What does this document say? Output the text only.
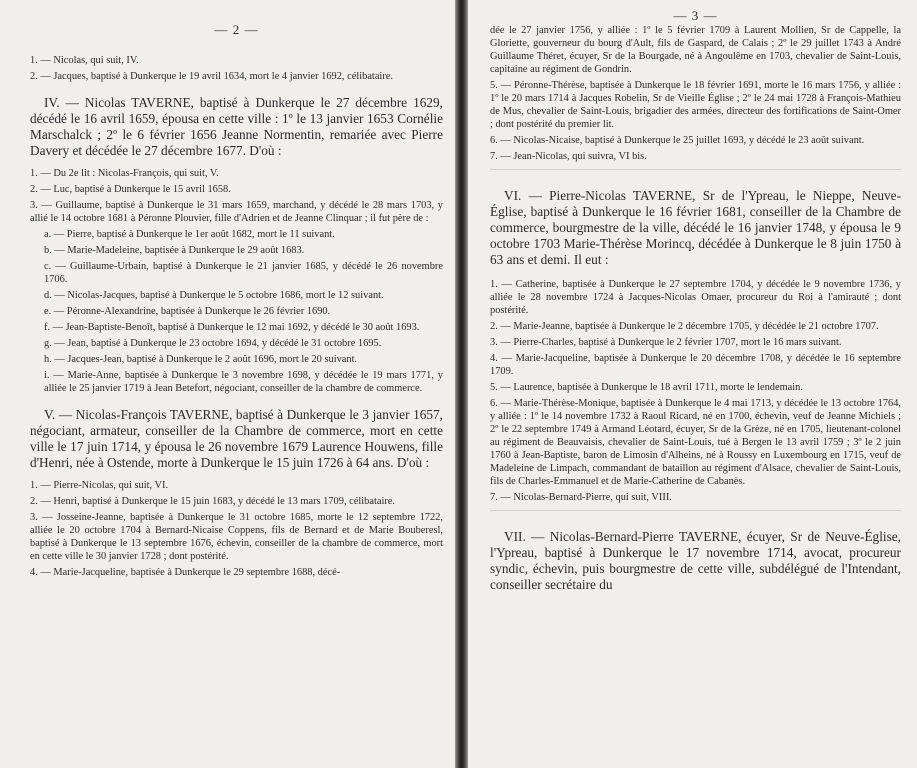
— 2 —

1. — Nicolas, qui suit, IV.

2. — Jacques, baptisé à Dunkerque le 19 avril 1634, mort le 4 janvier 1692, célibataire.

IV. — Nicolas TAVERNE, baptisé à Dunkerque le 27 décembre 1629, décédé le 16 avril 1659, épousa en cette ville : 1º le 13 janvier 1653 Cornélie Marschalck ; 2º le 6 février 1656 Jeanne Normentin, remariée avec Pierre Davery et décédée le 27 décembre 1677. D'où :

1. — Du 2e lit : Nicolas-François, qui suit, V.

2. — Luc, baptisé à Dunkerque le 15 avril 1658.

3. — Guillaume, baptisé à Dunkerque le 31 mars 1659, marchand, y décédé le 28 mars 1703, y allié le 14 octobre 1681 à Péronne Plouvier, fille d'Adrien et de Jeanne Clinquar ; il fut père de :

a. — Pierre, baptisé à Dunkerque le 1er août 1682, mort le 11 suivant.

b. — Marie-Madeleine, baptisée à Dunkerque le 29 août 1683.

c. — Guillaume-Urbain, baptisé à Dunkerque le 21 janvier 1685, y décédé le 26 novembre 1706.

d. — Nicolas-Jacques, baptisé à Dunkerque le 5 octobre 1686, mort le 12 suivant.

e. — Péronne-Alexandrine, baptisée à Dunkerque le 26 février 1690.

f. — Jean-Baptiste-Benoît, baptisé à Dunkerque le 12 mai 1692, y décédé le 30 août 1693.

g. — Jean, baptisé à Dunkerque le 23 octobre 1694, y décédé le 31 octobre 1695.

h. — Jacques-Jean, baptisé à Dunkerque le 2 août 1696, mort le 20 suivant.

i. — Marie-Anne, baptisée à Dunkerque le 3 novembre 1698, y décédée le 19 mars 1771, y alliée le 25 janvier 1719 à Jean Betefort, négociant, conseiller de la chambre de commerce.

V. — Nicolas-François TAVERNE, baptisé à Dunkerque le 3 janvier 1657, négociant, armateur, conseiller de la Chambre de commerce, mort en cette ville le 17 juin 1714, y épousa le 26 novembre 1679 Laurence Houwens, fille d'Henri, née à Ostende, morte à Dunkerque le 15 juin 1726 à 64 ans. D'où :

1. — Pierre-Nicolas, qui suit, VI.

2. — Henri, baptisé à Dunkerque le 15 juin 1683, y décédé le 13 mars 1709, célibataire.

3. — Josseine-Jeanne, baptisée à Dunkerque le 31 octobre 1685, morte le 12 septembre 1722, alliée le 20 octobre 1704 à Bernard-Nicaise Coppens, fils de Bernard et de Marie Bouberesl, baptisé à Dunkerque le 13 septembre 1676, échevin, conseiller de la chambre de commerce, mort en cette ville le 30 janvier 1728 ; dont postérité.

4. — Marie-Jacqueline, baptisée à Dunkerque le 29 septembre 1688, décé-

— 3 —

dée le 27 janvier 1756, y alliée : 1º le 5 février 1709 à Laurent Mollien, Sr de Cappelle, la Gloriette, gouverneur du bourg d'Ault, fils de Gaspard, de Calais ; 2º le 29 juillet 1743 à André Guillaume Théret, écuyer, Sr de la Bourgade, né à Angoulême en 1703, chevalier de Saint-Louis, capitaine au régiment de Gondrin.

5. — Péronne-Thérèse, baptisée à Dunkerque le 18 février 1691, morte le 16 mars 1756, y alliée : 1º le 20 mars 1714 à Jacques Robelin, Sr de Vieille Église ; 2º le 24 mai 1728 à François-Mathieu de Mus, chevalier de Saint-Louis, brigadier des armées, directeur des fortifications de Saint-Omer ; dont postérité du premier lit.

6. — Nicolas-Nicaise, baptisé à Dunkerque le 25 juillet 1693, y décédé le 23 août suivant.

7. — Jean-Nicolas, qui suivra, VI bis.

VI. — Pierre-Nicolas TAVERNE, Sr de l'Ypreau, le Nieppe, Neuve-Église, baptisé à Dunkerque le 16 février 1681, conseiller de la Chambre de commerce, bourgmestre de la ville, décédé le 16 janvier 1748, y épousa le 9 octobre 1703 Marie-Thérèse Morincq, décédée à Dunkerque le 8 juin 1750 à 63 ans et demi. Il eut :

1. — Catherine, baptisée à Dunkerque le 27 septembre 1704, y décédée le 9 novembre 1736, y alliée le 28 novembre 1724 à Jacques-Nicolas Omaer, procureur du Roi à l'amirauté ; dont postérité.

2. — Marie-Jeanne, baptisée à Dunkerque le 2 décembre 1705, y décédée le 21 octobre 1707.

3. — Pierre-Charles, baptisé à Dunkerque le 2 février 1707, mort le 16 mars suivant.

4. — Marie-Jacqueline, baptisée à Dunkerque le 20 décembre 1708, y décédée le 16 septembre 1709.

5. — Laurence, baptisée à Dunkerque le 18 avril 1711, morte le lendemain.

6. — Marie-Thérèse-Monique, baptisée à Dunkerque le 4 mai 1713, y décédée le 13 octobre 1764, y alliée : 1º le 14 novembre 1732 à Raoul Ricard, né en 1700, échevin, veuf de Jeanne Michiels ; 2º le 22 septembre 1749 à Armand Léotard, écuyer, Sr de la Grèze, né en 1705, lieutenant-colonel au régiment de Beauvaisis, chevalier de Saint-Louis, tué à Bergen le 13 avril 1759 ; 3º le 2 juin 1760 à Jean-Baptiste, baron de Limosin d'Alheins, né à Roussy en Luxembourg en 1715, veuf de Madeleine de Limpach, commandant de bataillon au régiment d'Alsace, chevalier de Saint-Louis, fils de Charles-Emmanuel et de Marie-Catherine de Cabanès.

7. — Nicolas-Bernard-Pierre, qui suit, VIII.

VII. — Nicolas-Bernard-Pierre TAVERNE, écuyer, Sr de Neuve-Église, l'Ypreau, baptisé à Dunkerque le 17 novembre 1714, avocat, procureur syndic, échevin, puis bourgmestre de cette ville, subdélégué de l'Intendant, conseiller secrétaire du
